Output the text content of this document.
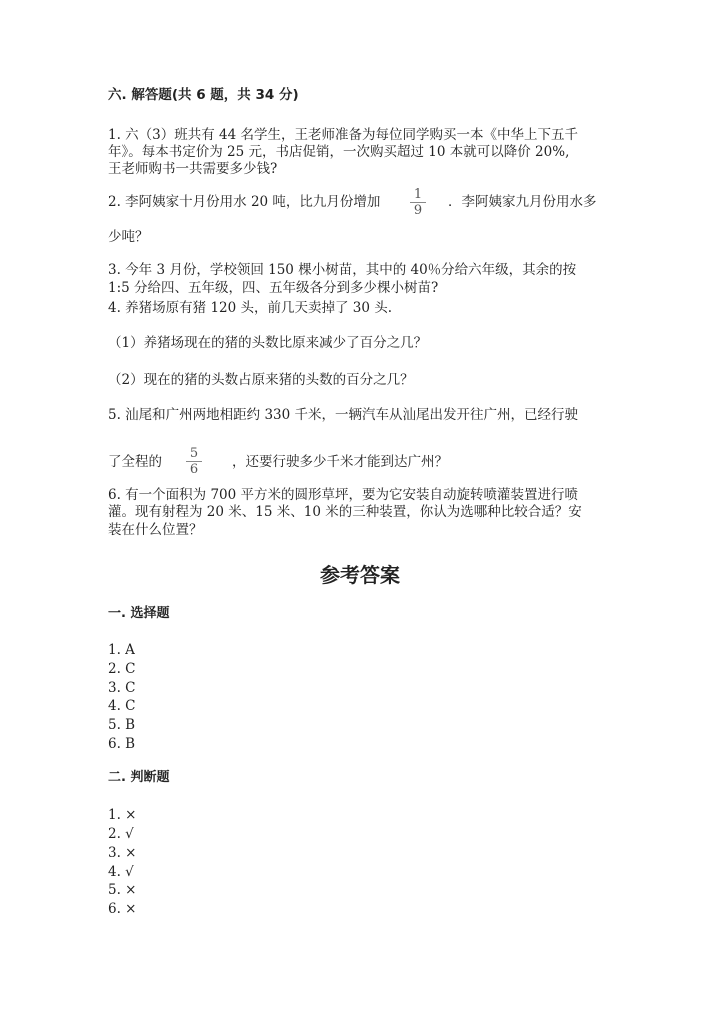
六. 解答题(共 6 题，共 34 分)
1. 六（3）班共有 44 名学生，王老师准备为每位同学购买一本《中华上下五千
年》。每本书定价为 25 元，书店促销，一次购买超过 10 本就可以降价 20%,
王老师购书一共需要多少钱?
2. 李阿姨家十月份用水 20 吨，比九月份增加	1
9
．李阿姨家九月份用水多
少吨？
3. 今年 3 月份，学校领回 150 棵小树苗，其中的 40％分给六年级，其余的按
1:5 分给四、五年级，四、五年级各分到多少棵小树苗?
4. 养猪场原有猪 120 头，前几天卖掉了 30 头.
（1）养猪场现在的猪的头数比原来减少了百分之几？
（2）现在的猪的头数占原来猪的头数的百分之几？
5. 汕尾和广州两地相距约 330 千米，一辆汽车从汕尾出发开往广州，已经行驶
了全程的
5
6	，还要行驶多少千米才能到达广州？
6. 有一个面积为 700 平方米的圆形草坪，要为它安装自动旋转喷灌装置进行喷
灌。现有射程为 20 米、15 米、10 米的三种装置，你认为选哪种比较合适？安
装在什么位置？
参考答案
一. 选择题
1. A
2. C
3. C
4. C
5. B
6. B
二. 判断题
1. ×
2. √
3. ×
4. √
5. ×
6. ×
